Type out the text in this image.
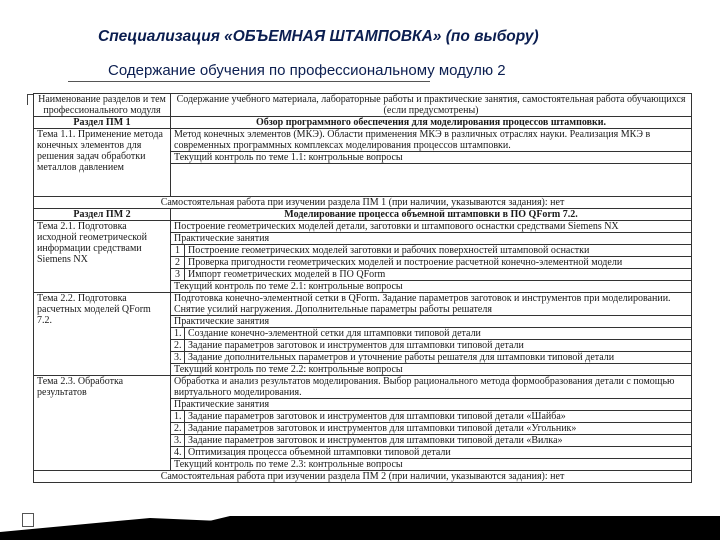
Специализация «ОБЪЕМНАЯ ШТАМПОВКА» (по выбору)
Содержание обучения по профессиональному модулю 2
Наименование разделов и тем профессионального модуля	Содержание учебного материала, лабораторные работы и практические занятия, самостоятельная работа обучающихся (если предусмотрены)	
Раздел ПМ 1	Обзор программного обеспечения для моделирования процессов штамповки.	
Тема 1.1. Применение метода конечных элементов для решения задач обработки металлов давлением	Метод конечных элементов (МКЭ). Области применения МКЭ в различных отраслях науки. Реализация МКЭ в современных программных комплексах моделирования процессов штамповки.	
	Текущий контроль по теме 1.1: контрольные вопросы	

Самостоятельная работа при изучении раздела ПМ 1 (при наличии, указываются задания): нет		
Раздел ПМ 2	Моделирование процесса объемной штамповки в ПО QForm 7.2.	
Тема 2.1. Подготовка исходной геометрической информации средствами Siemens NX	Построение геометрических моделей детали, заготовки и штампового оснастки средствами Siemens NX	
	Практические занятия	
	1	Построение геометрических моделей заготовки и рабочих поверхностей штамповой оснастки
	2	Проверка пригодности геометрических моделей и построение расчетной конечно-элементной модели
	3	Импорт геометрических моделей в ПО QForm
	Текущий контроль по теме 2.1: контрольные вопросы	
Тема 2.2. Подготовка расчетных моделей QForm 7.2.	Подготовка конечно-элементной сетки в QForm. Задание параметров заготовок и инструментов при моделировании. Снятие усилий нагружения. Дополнительные параметры работы решателя	
	Практические занятия	
	1.	Создание конечно-элементной сетки для штамповки типовой детали
	2.	Задание параметров заготовок и инструментов для штамповки типовой детали
	3.	Задание дополнительных параметров и уточнение работы решателя для штамповки типовой детали
	Текущий контроль по теме 2.2: контрольные вопросы	
Тема 2.3. Обработка результатов	Обработка и анализ результатов моделирования. Выбор рационального метода формообразования детали с помощью виртуального моделирования.	
	Практические занятия	
	1.	Задание параметров заготовок и инструментов для штамповки типовой детали «Шайба»
	2.	Задание параметров заготовок и инструментов для штамповки типовой детали «Угольник»
	3.	Задание параметров заготовок и инструментов для штамповки типовой детали «Вилка»
	4.	Оптимизация процесса объемной штамповки типовой детали
	Текущий контроль по теме 2.3: контрольные вопросы	
Самостоятельная работа при изучении раздела ПМ 2 (при наличии, указываются задания): нет		
